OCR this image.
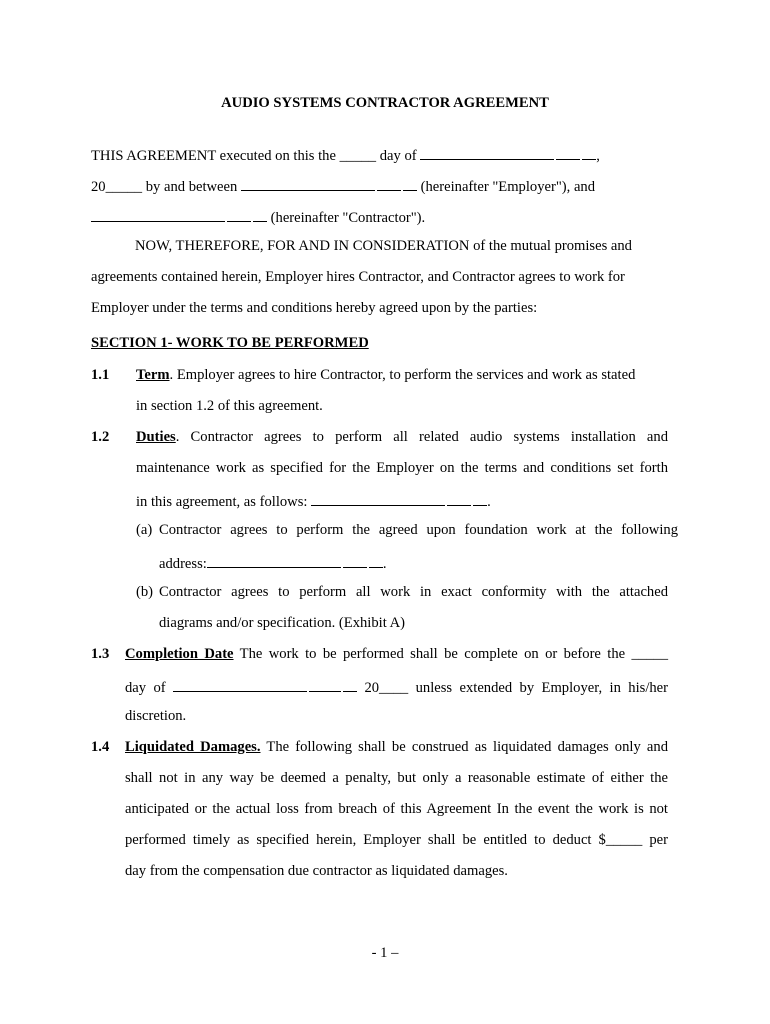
AUDIO SYSTEMS CONTRACTOR AGREEMENT
THIS AGREEMENT executed on this the _____ day of	,
20_____ by and between	(hereinafter "Employer"), and
(hereinafter "Contractor").
NOW, THEREFORE, FOR AND IN CONSIDERATION of the mutual promises and
agreements contained herein, Employer hires Contractor, and Contractor agrees to work for
Employer under the terms and conditions hereby agreed upon by the parties:
SECTION 1- WORK TO BE PERFORMED
1.1 Term. Employer agrees to hire Contractor, to perform the services and work as stated
in section 1.2 of this agreement.
1.2 Duties. Contractor agrees to perform all related audio systems installation and
maintenance work as specified for the Employer on the terms and conditions set forth
in this agreement, as follows:	.
(a) Contractor agrees to perform the agreed upon foundation work at the following
address:	.
(b) Contractor agrees to perform all work in exact conformity with the attached
diagrams and/or specification. (Exhibit A)
1.3 Completion Date The work to be performed shall be complete on or before the _____
day of	20____ unless extended by Employer, in his/her
discretion.
1.4 Liquidated Damages. The following shall be construed as liquidated damages only and
shall not in any way be deemed a penalty, but only a reasonable estimate of either the
anticipated or the actual loss from breach of this Agreement In the event the work is not
performed timely as specified herein, Employer shall be entitled to deduct $_____ per
day from the compensation due contractor as liquidated damages.
- 1 –
